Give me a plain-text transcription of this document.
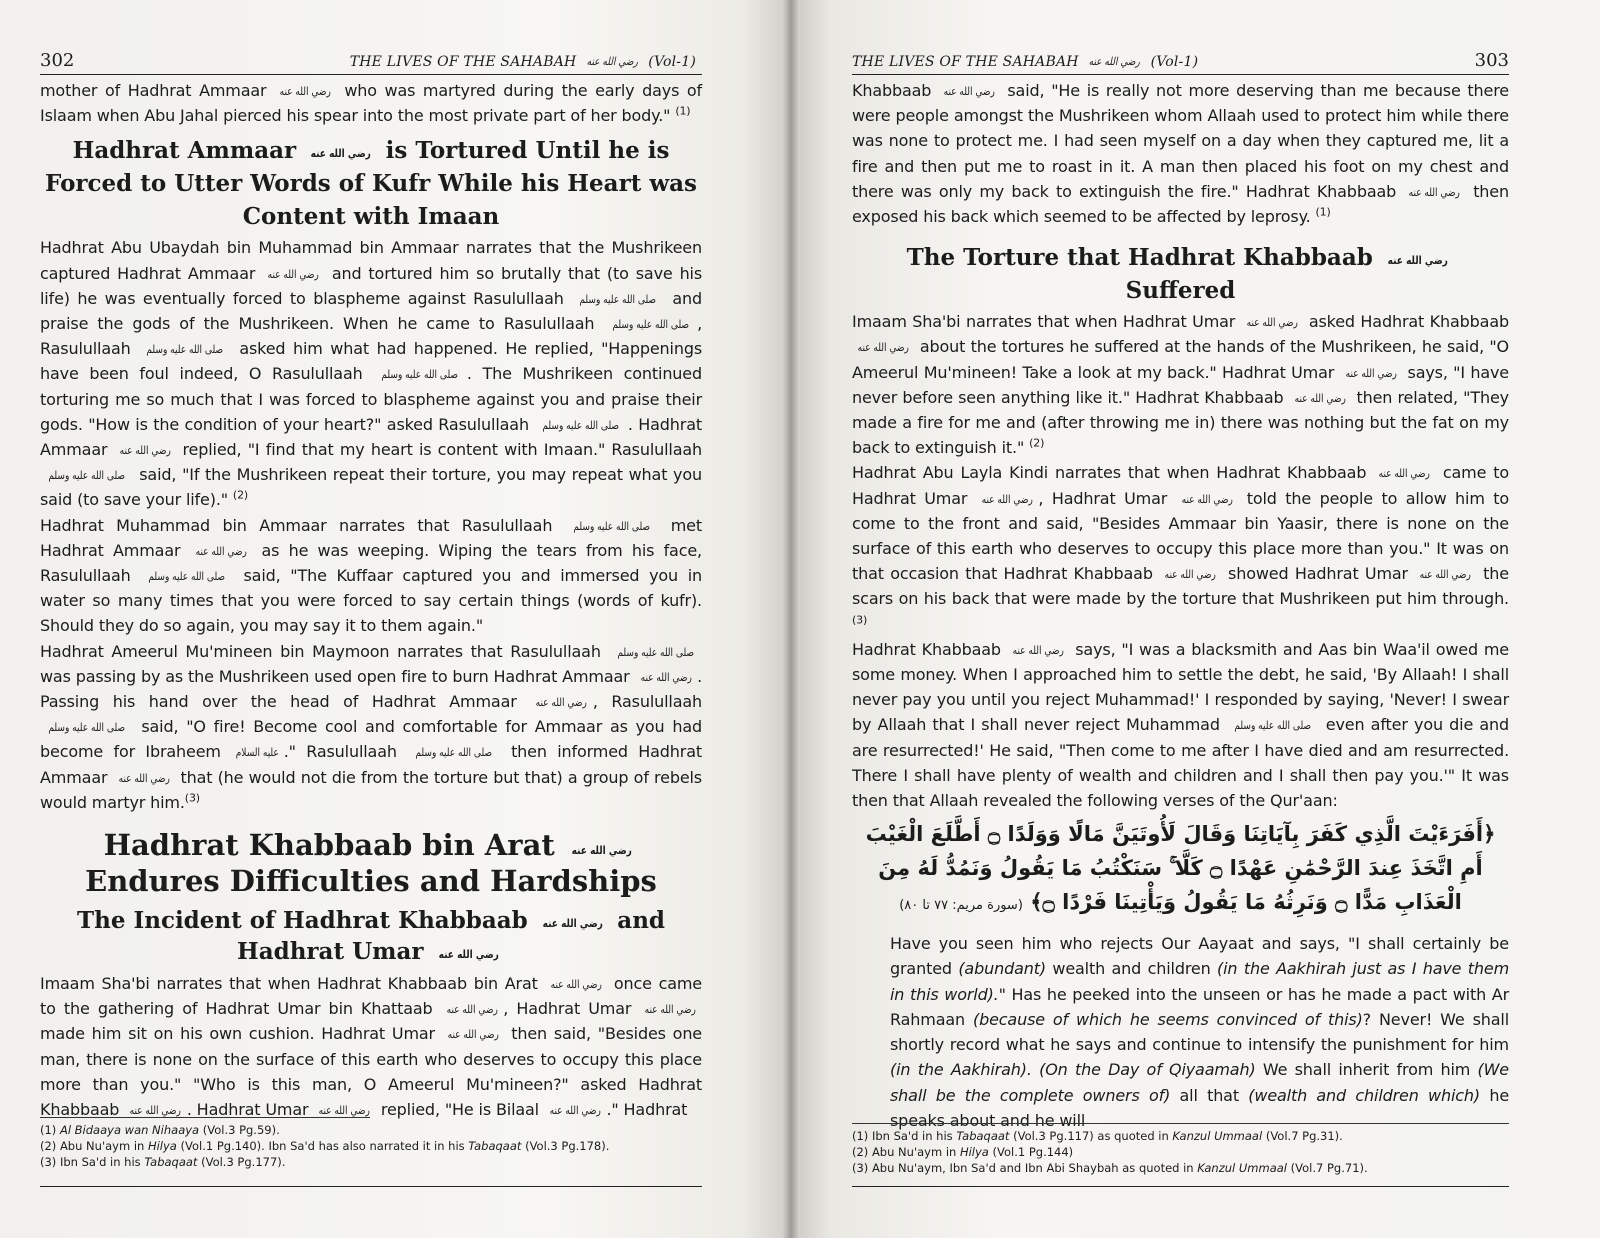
302	THE LIVES OF THE SAHABAH رضي الله عنه (Vol-1)

mother of Hadhrat Ammaar رضي الله عنه who was martyred during the early days of Islaam when Abu Jahal pierced his spear into the most private part of her body." $^{(1)}$

Hadhrat Ammaar رضي الله عنه is Tortured Until he is Forced to Utter Words of Kufr While his Heart was Content with Imaan

Hadhrat Abu Ubaydah bin Muhammad bin Ammaar narrates that the Mushrikeen captured Hadhrat Ammaar رضي الله عنه and tortured him so brutally that (to save his life) he was eventually forced to blaspheme against Rasulullaah صلى الله عليه وسلم and praise the gods of the Mushrikeen. When he came to Rasulullaah صلى الله عليه وسلم , Rasulullaah صلى الله عليه وسلم asked him what had happened. He replied, "Happenings have been foul indeed, O Rasulullaah صلى الله عليه وسلم . The Mushrikeen continued torturing me so much that I was forced to blaspheme against you and praise their gods. "How is the condition of your heart?" asked Rasulullaah صلى الله عليه وسلم . Hadhrat Ammaar رضي الله عنه replied, "I find that my heart is content with Imaan." Rasulullaah صلى الله عليه وسلم said, "If the Mushrikeen repeat their torture, you may repeat what you said (to save your life)." $^{(2)}$

Hadhrat Muhammad bin Ammaar narrates that Rasulullaah صلى الله عليه وسلم met Hadhrat Ammaar رضي الله عنه as he was weeping. Wiping the tears from his face, Rasulullaah صلى الله عليه وسلم said, "The Kuffaar captured you and immersed you in water so many times that you were forced to say certain things (words of kufr). Should they do so again, you may say it to them again."

Hadhrat Ameerul Mu'mineen bin Maymoon narrates that Rasulullaah صلى الله عليه وسلم was passing by as the Mushrikeen used open fire to burn Hadhrat Ammaar رضي الله عنه . Passing his hand over the head of Hadhrat Ammaar رضي الله عنه , Rasulullaah صلى الله عليه وسلم said, "O fire! Become cool and comfortable for Ammaar as you had become for Ibraheem عليه السلام ." Rasulullaah صلى الله عليه وسلم then informed Hadhrat Ammaar رضي الله عنه that (he would not die from the torture but that) a group of rebels would martyr him.$^{(3)}$

Hadhrat Khabbaab bin Arat رضي الله عنه
Endures Difficulties and Hardships
The Incident of Hadhrat Khabbaab رضي الله عنه and Hadhrat Umar رضي الله عنه

Imaam Sha'bi narrates that when Hadhrat Khabbaab bin Arat رضي الله عنه once came to the gathering of Hadhrat Umar bin Khattaab رضي الله عنه , Hadhrat Umar رضي الله عنه made him sit on his own cushion. Hadhrat Umar رضي الله عنه then said, "Besides one man, there is none on the surface of this earth who deserves to occupy this place more than you." "Who is this man, O Ameerul Mu'mineen?" asked Hadhrat Khabbaab رضي الله عنه . Hadhrat Umar رضي الله عنه replied, "He is Bilaal رضي الله عنه ." Hadhrat

(1) Al Bidaaya wan Nihaaya (Vol.3 Pg.59).
(2) Abu Nu'aym in Hilya (Vol.1 Pg.140). Ibn Sa'd has also narrated it in his Tabaqaat (Vol.3 Pg.178).
(3) Ibn Sa'd in his Tabaqaat (Vol.3 Pg.177).
THE LIVES OF THE SAHABAH رضي الله عنه (Vol-1)	303

Khabbaab رضي الله عنه said, "He is really not more deserving than me because there were people amongst the Mushrikeen whom Allaah used to protect him while there was none to protect me. I had seen myself on a day when they captured me, lit a fire and then put me to roast in it. A man then placed his foot on my chest and there was only my back to extinguish the fire." Hadhrat Khabbaab رضي الله عنه then exposed his back which seemed to be affected by leprosy. $^{(1)}$

The Torture that Hadhrat Khabbaab رضي الله عنه
Suffered

Imaam Sha'bi narrates that when Hadhrat Umar رضي الله عنه asked Hadhrat Khabbaab رضي الله عنه about the tortures he suffered at the hands of the Mushrikeen, he said, "O Ameerul Mu'mineen! Take a look at my back." Hadhrat Umar رضي الله عنه says, "I have never before seen anything like it." Hadhrat Khabbaab رضي الله عنه then related, "They made a fire for me and (after throwing me in) there was nothing but the fat on my back to extinguish it." $^{(2)}$

Hadhrat Abu Layla Kindi narrates that when Hadhrat Khabbaab رضي الله عنه came to Hadhrat Umar رضي الله عنه , Hadhrat Umar رضي الله عنه told the people to allow him to come to the front and said, "Besides Ammaar bin Yaasir, there is none on the surface of this earth who deserves to occupy this place more than you." It was on that occasion that Hadhrat Khabbaab رضي الله عنه showed Hadhrat Umar رضي الله عنه the scars on his back that were made by the torture that Mushrikeen put him through. $^{(3)}$

Hadhrat Khabbaab رضي الله عنه says, "I was a blacksmith and Aas bin Waa'il owed me some money. When I approached him to settle the debt, he said, 'By Allaah! I shall never pay you until you reject Muhammad!' I responded by saying, 'Never! I swear by Allaah that I shall never reject Muhammad صلى الله عليه وسلم even after you die and are resurrected!' He said, "Then come to me after I have died and am resurrected. There I shall have plenty of wealth and children and I shall then pay you.'" It was then that Allaah revealed the following verses of the Qur'aan:

﴿أَفَرَءَيْتَ الَّذِي كَفَرَ بِآيَاتِنَا وَقَالَ لَأُوتَيَنَّ مَالًا وَوَلَدًا ۝ أَطَّلَعَ الْغَيْبَ أَمِ اتَّخَذَ عِندَ الرَّحْمَٰنِ عَهْدًا ۝ كَلَّا ۚ سَنَكْتُبُ مَا يَقُولُ وَنَمُدُّ لَهُ مِنَ الْعَذَابِ مَدًّا ۝ وَنَرِثُهُ مَا يَقُولُ وَيَأْتِينَا فَرْدًا ۝﴾ (سورة مريم: ٧٧ تا ٨٠)

Have you seen him who rejects Our Aayaat and says, "I shall certainly be granted (abundant) wealth and children (in the Aakhirah just as I have them in this world)." Has he peeked into the unseen or has he made a pact with Ar Rahmaan (because of which he seems convinced of this)? Never! We shall shortly record what he says and continue to intensify the punishment for him (in the Aakhirah). (On the Day of Qiyaamah) We shall inherit from him (We shall be the complete owners of) all that (wealth and children which) he speaks about and he will

(1) Ibn Sa'd in his Tabaqaat (Vol.3 Pg.117) as quoted in Kanzul Ummaal (Vol.7 Pg.31).
(2) Abu Nu'aym in Hilya (Vol.1 Pg.144)
(3) Abu Nu'aym, Ibn Sa'd and Ibn Abi Shaybah as quoted in Kanzul Ummaal (Vol.7 Pg.71).
